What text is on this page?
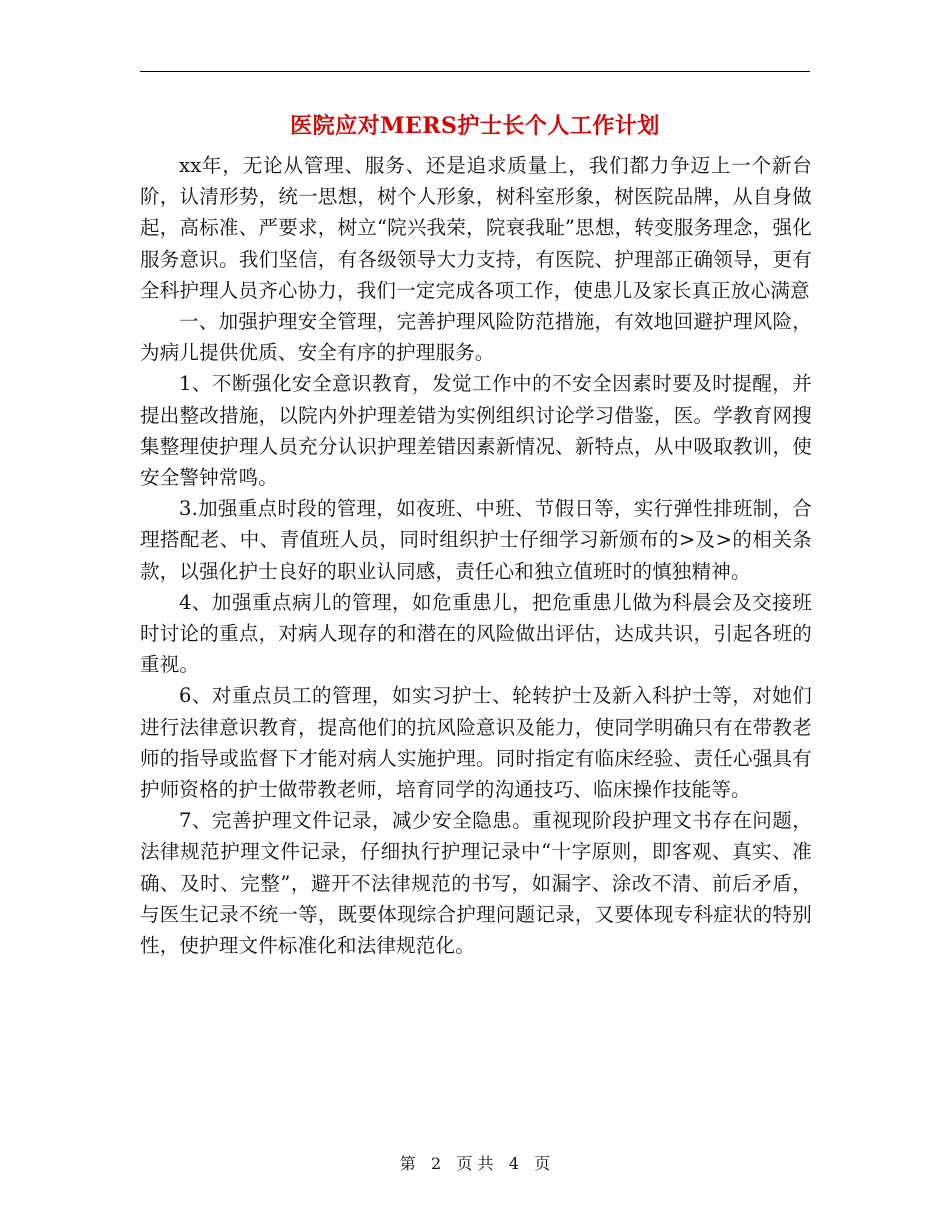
医院应对MERS护士长个人工作计划

xx年，无论从管理、服务、还是追求质量上，我们都力争迈上一个新台阶，认清形势，统一思想，树个人形象，树科室形象，树医院品牌，从自身做起，高标准、严要求，树立“院兴我荣，院衰我耻”思想，转变服务理念，强化服务意识。我们坚信，有各级领导大力支持，有医院、护理部正确领导，更有全科护理人员齐心协力，我们一定完成各项工作，使患儿及家长真正放心满意

一、加强护理安全管理，完善护理风险防范措施，有效地回避护理风险，为病儿提供优质、安全有序的护理服务。

1、不断强化安全意识教育，发觉工作中的不安全因素时要及时提醒，并提出整改措施，以院内外护理差错为实例组织讨论学习借鉴，医。学教育网搜集整理使护理人员充分认识护理差错因素新情况、新特点，从中吸取教训，使安全警钟常鸣。

3.加强重点时段的管理，如夜班、中班、节假日等，实行弹性排班制，合理搭配老、中、青值班人员，同时组织护士仔细学习新颁布的>及>的相关条款，以强化护士良好的职业认同感，责任心和独立值班时的慎独精神。

4、加强重点病儿的管理，如危重患儿，把危重患儿做为科晨会及交接班时讨论的重点，对病人现存的和潜在的风险做出评估，达成共识，引起各班的重视。

6、对重点员工的管理，如实习护士、轮转护士及新入科护士等，对她们进行法律意识教育，提高他们的抗风险意识及能力，使同学明确只有在带教老师的指导或监督下才能对病人实施护理。同时指定有临床经验、责任心强具有护师资格的护士做带教老师，培育同学的沟通技巧、临床操作技能等。

7、完善护理文件记录，减少安全隐患。重视现阶段护理文书存在问题，法律规范护理文件记录，仔细执行护理记录中“十字原则，即客观、真实、准确、及时、完整”，避开不法律规范的书写，如漏字、涂改不清、前后矛盾，与医生记录不统一等，既要体现综合护理问题记录，又要体现专科症状的特别性，使护理文件标准化和法律规范化。

第 2 页 共 4 页
